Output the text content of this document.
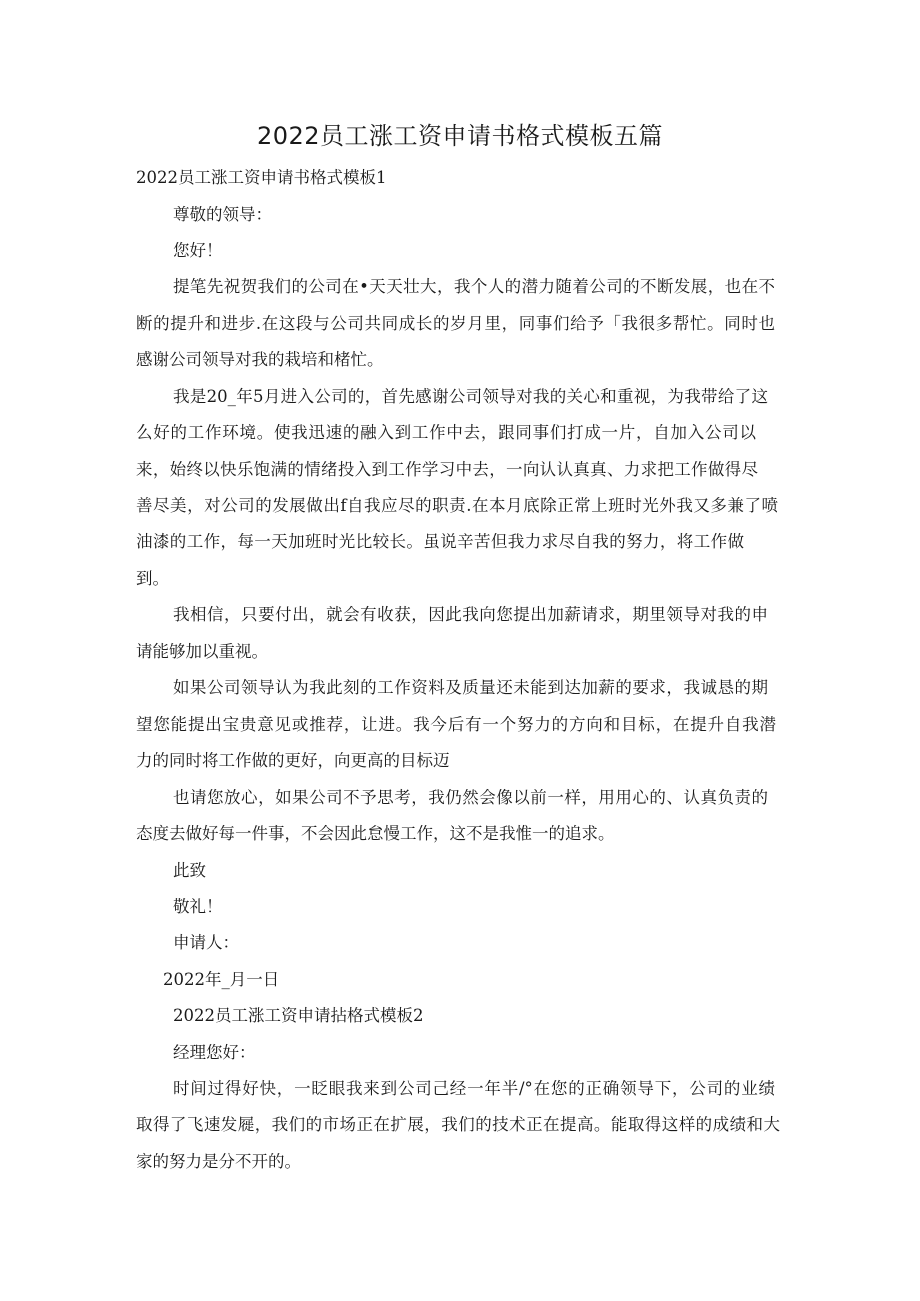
2022员工涨工资申请书格式模板五篇
2022员工涨工资申请书格式模板1
尊敬的领导：
您好！
提笔先祝贺我们的公司在•天天壮大，我个人的潜力随着公司的不断发展，也在不
断的提升和进步.在这段与公司共同成长的岁月里，同事们给予「我很多帮忙。同时也
感谢公司领导对我的栽培和楮忙。
我是20_年5月进入公司的，首先感谢公司领导对我的关心和重视，为我带给了这
么好的工作环境。使我迅速的融入到工作中去，跟同事们打成一片，自加入公司以
来，始终以快乐饱满的情绪投入到工作学习中去，一向认认真真、力求把工作做得尽
善尽美，对公司的发展做出f自我应尽的职责.在本月底除正常上班时光外我又多兼了喷
油漆的工作，每一天加班时光比较长。虽说辛苦但我力求尽自我的努力，将工作做
到。
我相信，只要付出，就会有收获，因此我向您提出加薪请求，期里领导对我的申
请能够加以重视。
如果公司领导认为我此刻的工作资料及质量还未能到达加薪的要求，我诚恳的期
望您能提出宝贵意见或推荐，让进。我今后有一个努力的方向和目标，在提升自我潜
力的同时将工作做的更好，向更高的目标迈
也请您放心，如果公司不予思考，我仍然会像以前一样，用用心的、认真负责的
态度去做好每一件事，不会因此怠慢工作，这不是我惟一的追求。
此致
敬礼！
申请人：
2022年_月一日
2022员工涨工资申请拈格式模板2
经理您好：
时间过得好快，一眨眼我来到公司己经一年半/°在您的正确领导下，公司的业绩
取得了飞速发屣，我们的市场正在扩展，我们的技术正在提高。能取得这样的成绩和大
家的努力是分不开的。
